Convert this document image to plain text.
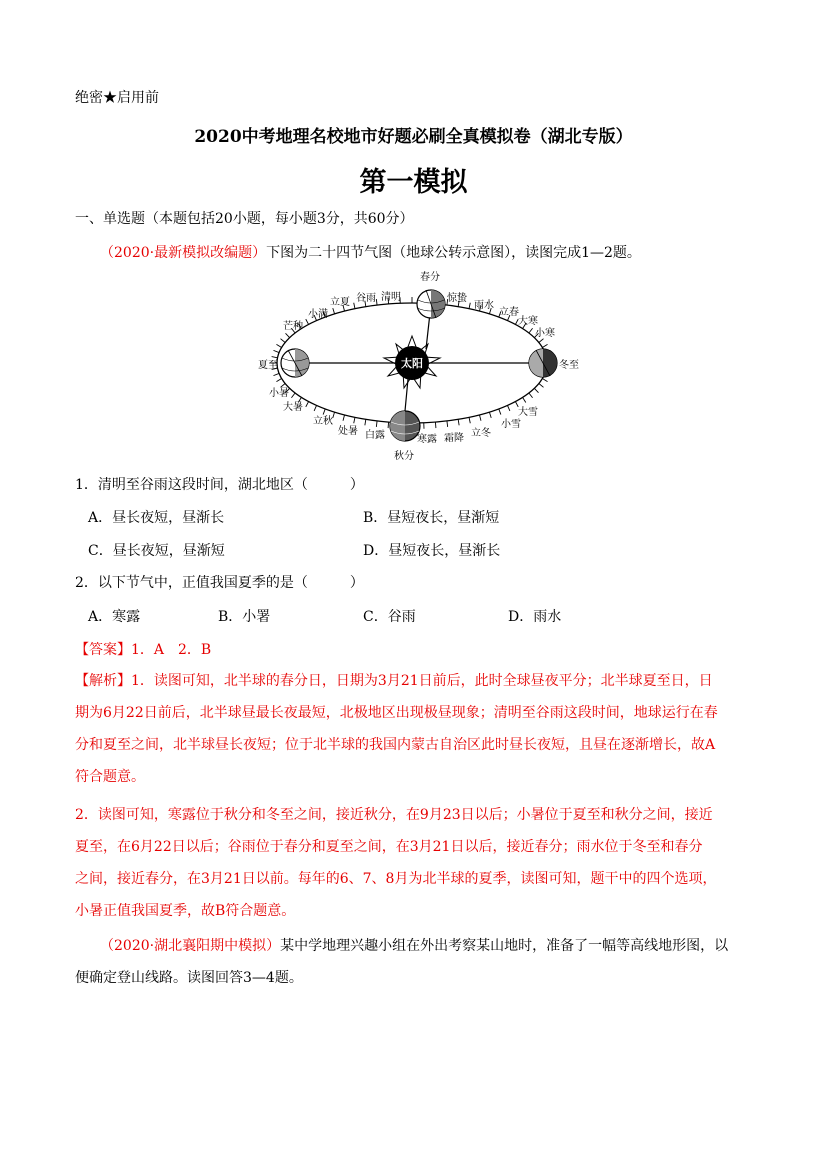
绝密★启用前
2020中考地理名校地市好题必刷全真模拟卷（湖北专版）
第一模拟
一、单选题（本题包括20小题，每小题3分，共60分）
（2020·最新模拟改编题）下图为二十四节气图（地球公转示意图），读图完成1—2题。
太阳
春分
惊蛰
雨水
立春
大寒
小寒
冬至
大雪
小雪
立冬
霜降
寒露
秋分
白露
处暑
立秋
大暑
小暑
夏至
芒种
小满
立夏 谷雨 清明
1．清明至谷雨这段时间，湖北地区（　　　）
A．昼长夜短，昼渐长	B．昼短夜长，昼渐短
C．昼长夜短，昼渐短	D．昼短夜长，昼渐长
2．以下节气中，正值我国夏季的是（　　　）
A．寒露	B．小署	C．谷雨	D．雨水
【答案】1．A　2．B
【解析】1．读图可知，北半球的春分日，日期为3月21日前后，此时全球昼夜平分；北半球夏至日，日
期为6月22日前后，北半球昼最长夜最短，北极地区出现极昼现象；清明至谷雨这段时间，地球运行在春
分和夏至之间，北半球昼长夜短；位于北半球的我国内蒙古自治区此时昼长夜短，且昼在逐渐增长，故A
符合题意。
2．读图可知，寒露位于秋分和冬至之间，接近秋分，在9月23日以后；小暑位于夏至和秋分之间，接近
夏至，在6月22日以后；谷雨位于春分和夏至之间，在3月21日以后，接近春分；雨水位于冬至和春分
之间，接近春分，在3月21日以前。每年的6、7、8月为北半球的夏季，读图可知，题干中的四个选项，
小暑正值我国夏季，故B符合题意。
（2020·湖北襄阳期中模拟）某中学地理兴趣小组在外出考察某山地时，准备了一幅等高线地形图，以
便确定登山线路。读图回答3—4题。
